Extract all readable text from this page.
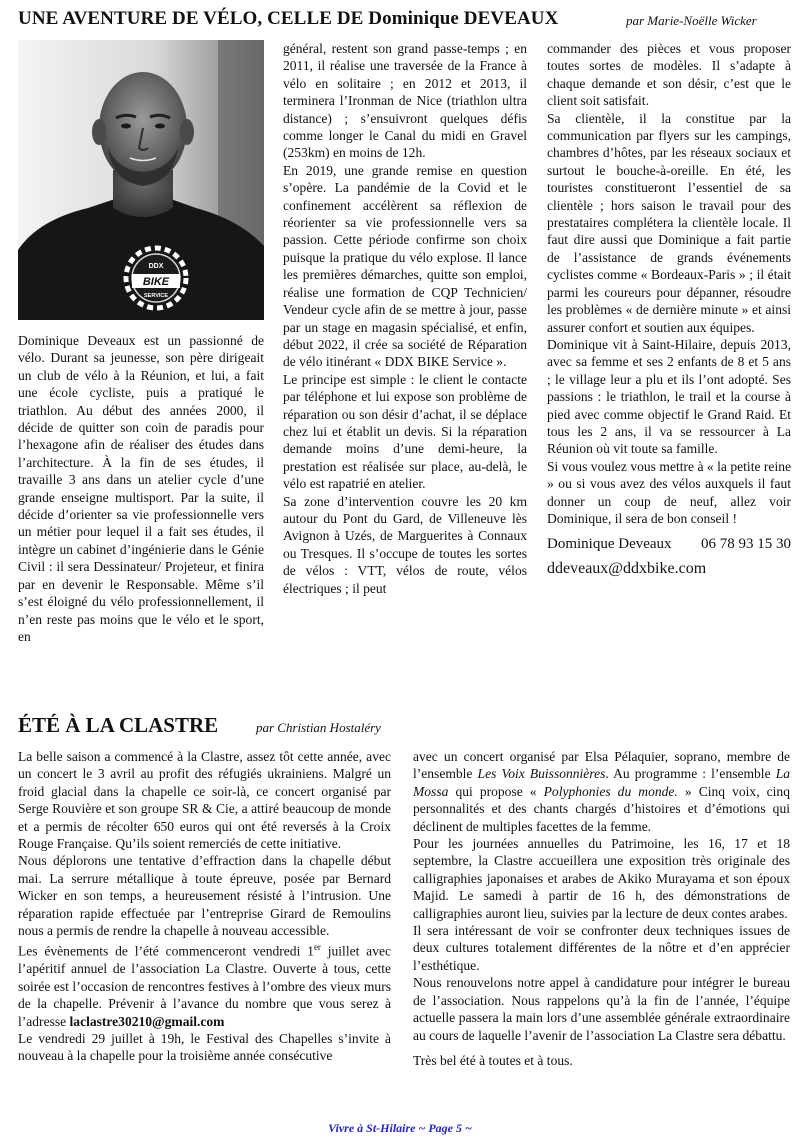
UNE AVENTURE DE VÉLO, CELLE DE Dominique DEVEAUX	par Marie-Noëlle Wicker
DDX
BIKE
SERVICE

Dominique Deveaux est un passionné de vélo. Durant sa jeunesse, son père dirigeait un club de vélo à la Réunion, et lui, a fait une école cycliste, puis a pratiqué le triathlon. Au début des années 2000, il décide de quitter son coin de paradis pour l’hexagone afin de réaliser des études dans l’architecture. À la fin de ses études, il travaille 3 ans dans un atelier cycle d’une grande enseigne multisport. Par la suite, il décide d’orienter sa vie professionnelle vers un métier pour lequel il a fait ses études, il intègre un cabinet d’ingénierie dans le Génie Civil : il sera Dessinateur/ Projeteur, et finira par en devenir le Responsable. Même s’il s’est éloigné du vélo professionnellement, il n’en reste pas moins que le vélo et le sport, en

général, restent son grand passe-temps ; en 2011, il réalise une traversée de la France à vélo en solitaire ; en 2012 et 2013, il terminera l’Ironman de Nice (triathlon ultra distance) ; s’ensuivront quelques défis comme longer le Canal du midi en Gravel (253km) en moins de 12h.

En 2019, une grande remise en question s’opère. La pandémie de la Covid et le confinement accélèrent sa réflexion de réorienter sa vie professionnelle vers sa passion. Cette période confirme son choix puisque la pratique du vélo explose. Il lance les premières démarches, quitte son emploi, réalise une formation de CQP Technicien/ Vendeur cycle afin de se mettre à jour, passe par un stage en magasin spécialisé, et enfin, début 2022, il crée sa société de Réparation de vélo itinérant « DDX BIKE Service ».

Le principe est simple : le client le contacte par téléphone et lui expose son problème de réparation ou son désir d’achat, il se déplace chez lui et établit un devis. Si la réparation demande moins d’une demi-heure, la prestation est réalisée sur place, au-delà, le vélo est rapatrié en atelier.

Sa zone d’intervention couvre les 20 km autour du Pont du Gard, de Villeneuve lès Avignon à Uzés, de Marguerites à Connaux ou Tresques. Il s’occupe de toutes les sortes de vélos : VTT, vélos de route, vélos électriques ; il peut

commander des pièces et vous proposer toutes sortes de modèles. Il s’adapte à chaque demande et son désir, c’est que le client soit satisfait.

Sa clientèle, il la constitue par la communication par flyers sur les campings, chambres d’hôtes, par les réseaux sociaux et surtout le bouche-à-oreille. En été, les touristes constitueront l’essentiel de sa clientèle ; hors saison le travail pour des prestataires complétera la clientèle locale. Il faut dire aussi que Dominique a fait partie de l’assistance de grands événements cyclistes comme « Bordeaux-Paris » ; il était parmi les coureurs pour dépanner, résoudre les problèmes « de dernière minute » et ainsi assurer confort et soutien aux équipes.

Dominique vit à Saint-Hilaire, depuis 2013, avec sa femme et ses 2 enfants de 8 et 5 ans ; le village leur a plu et ils l’ont adopté. Ses passions : le triathlon, le trail et la course à pied avec comme objectif le Grand Raid. Et tous les 2 ans, il va se ressourcer à La Réunion où vit toute sa famille.

Si vous voulez vous mettre à « la petite reine » ou si vous avez des vélos auxquels il faut donner un coup de neuf, allez voir Dominique, il sera de bon conseil !

Dominique Deveaux 06 78 93 15 30
ddeveaux@ddxbike.com
ÉTÉ À LA CLASTRE	par Christian Hostaléry

La belle saison a commencé à la Clastre, assez tôt cette année, avec un concert le 3 avril au profit des réfugiés ukrainiens. Malgré un froid glacial dans la chapelle ce soir-là, ce concert organisé par Serge Rouvière et son groupe SR & Cie, a attiré beaucoup de monde et a permis de récolter 650 euros qui ont été reversés à la Croix Rouge Française. Qu’ils soient remerciés de cette initiative.

Nous déplorons une tentative d’effraction dans la chapelle début mai. La serrure métallique à toute épreuve, posée par Bernard Wicker en son temps, a heureusement résisté à l’intrusion. Une réparation rapide effectuée par l’entreprise Girard de Remoulins nous a permis de rendre la chapelle à nouveau accessible.

Les évènements de l’été commenceront vendredi 1er juillet avec l’apéritif annuel de l’association La Clastre. Ouverte à tous, cette soirée est l’occasion de rencontres festives à l’ombre des vieux murs de la chapelle. Prévenir à l’avance du nombre que vous serez à l’adresse laclastre30210@gmail.com

Le vendredi 29 juillet à 19h, le Festival des Chapelles s’invite à nouveau à la chapelle pour la troisième année consécutive

avec un concert organisé par Elsa Pélaquier, soprano, membre de l’ensemble Les Voix Buissonnières. Au programme : l’ensemble La Mossa qui propose « Polyphonies du monde. » Cinq voix, cinq personnalités et des chants chargés d’histoires et d’émotions qui déclinent de multiples facettes de la femme.

Pour les journées annuelles du Patrimoine, les 16, 17 et 18 septembre, la Clastre accueillera une exposition très originale des calligraphies japonaises et arabes de Akiko Murayama et son époux Majid. Le samedi à partir de 16 h, des démonstrations de calligraphies auront lieu, suivies par la lecture de deux contes arabes.

Il sera intéressant de voir se confronter deux techniques issues de deux cultures totalement différentes de la nôtre et d’en apprécier l’esthétique.

Nous renouvelons notre appel à candidature pour intégrer le bureau de l’association. Nous rappelons qu’à la fin de l’année, l’équipe actuelle passera la main lors d’une assemblée générale extraordinaire au cours de laquelle l’avenir de l’association La Clastre sera débattu.

Très bel été à toutes et à tous.

Vivre à St-Hilaire ~ Page 5 ~
